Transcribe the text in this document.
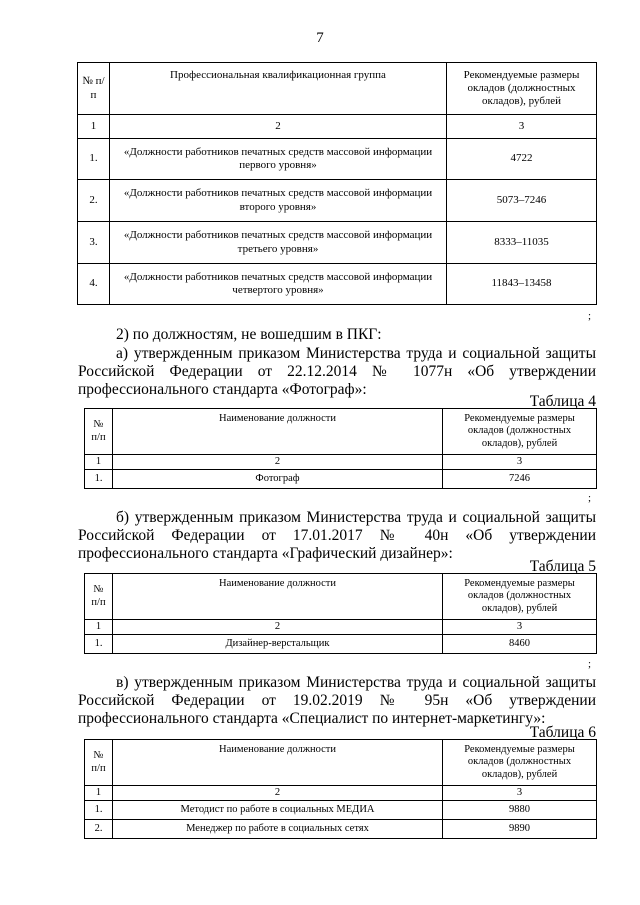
7
№ п/п	Профессиональная квалификационная группа	Рекомендуемые размеры окладов (должностных окладов), рублей
1	2	3
1.	«Должности работников печатных средств массовой информации первого уровня»	4722
2.	«Должности работников печатных средств массовой информации второго уровня»	5073–7246
3.	«Должности работников печатных средств массовой информации третьего уровня»	8333–11035
4.	«Должности работников печатных средств массовой информации четвертого уровня»	11843–13458
;
2) по должностям, не вошедшим в ПКГ:
а) утвержденным приказом Министерства труда и социальной защиты
Российской Федерации от 22.12.2014 № 1077н «Об утверждении
профессионального стандарта «Фотограф»:
Таблица 4
№ п/п	Наименование должности	Рекомендуемые размеры окладов (должностных окладов), рублей
1	2	3
1.	Фотограф	7246
;
б) утвержденным приказом Министерства труда и социальной защиты
Российской Федерации от 17.01.2017 № 40н «Об утверждении
профессионального стандарта «Графический дизайнер»:
Таблица 5
№ п/п	Наименование должности	Рекомендуемые размеры окладов (должностных окладов), рублей
1	2	3
1.	Дизайнер-верстальщик	8460
;
в) утвержденным приказом Министерства труда и социальной защиты
Российской Федерации от 19.02.2019 № 95н «Об утверждении
профессионального стандарта «Специалист по интернет-маркетингу»:
Таблица 6
№ п/п	Наименование должности	Рекомендуемые размеры окладов (должностных окладов), рублей
1	2	3
1.	Методист по работе в социальных МЕДИА	9880
2.	Менеджер по работе в социальных сетях	9890
